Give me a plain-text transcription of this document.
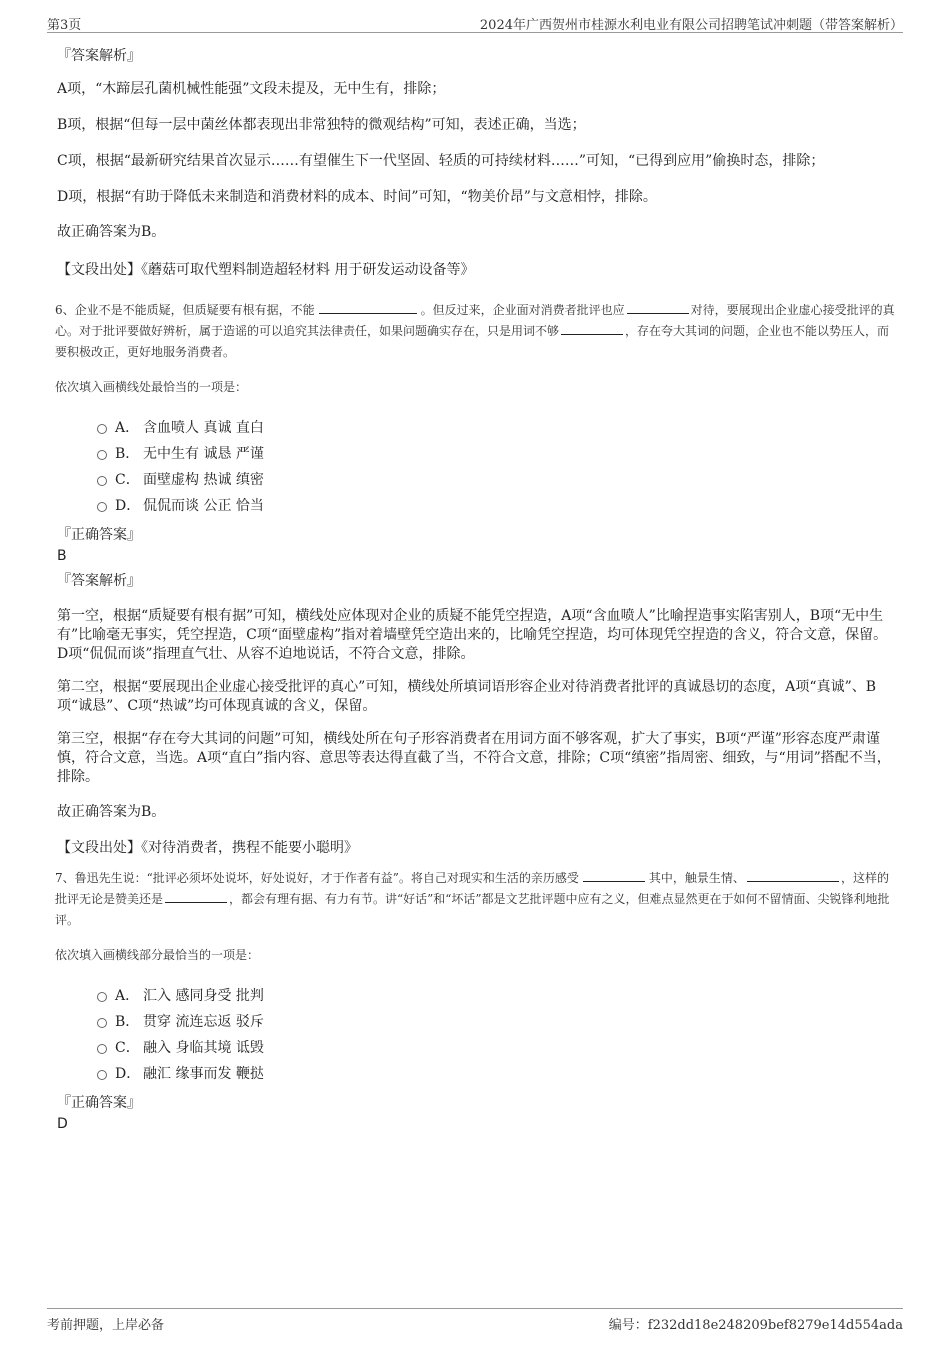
第3页	2024年广西贺州市桂源水利电业有限公司招聘笔试冲刺题（带答案解析）
『答案解析』
A项，“木蹄层孔菌机械性能强”文段未提及，无中生有，排除；
B项，根据“但每一层中菌丝体都表现出非常独特的微观结构”可知，表述正确，当选；
C项，根据“最新研究结果首次显示……有望催生下一代坚固、轻质的可持续材料……”可知，“已得到应用”偷换时态，排除；
D项，根据“有助于降低未来制造和消费材料的成本、时间”可知，“物美价昂”与文意相悖，排除。
故正确答案为B。
【文段出处】《蘑菇可取代塑料制造超轻材料 用于研发运动设备等》
6、企业不是不能质疑，但质疑要有根有据，不能	。但反过来，企业面对消费者批评也应	对待，要展现出企业虚心接受批评的真心。对于批评要做好辨析，属于造谣的可以追究其法律责任，如果问题确实存在，只是用词不够	，存在夸大其词的问题，企业也不能以势压人，而要积极改正，更好地服务消费者。
依次填入画横线处最恰当的一项是：
A． 含血喷人 真诚 直白
B． 无中生有 诚恳 严谨
C． 面壁虚构 热诚 缜密
D． 侃侃而谈 公正 恰当
『正确答案』
B
『答案解析』
第一空，根据“质疑要有根有据”可知，横线处应体现对企业的质疑不能凭空捏造，A项“含血喷人”比喻捏造事实陷害别人，B项“无中生有”比喻毫无事实，凭空捏造，C项“面壁虚构”指对着墙壁凭空造出来的，比喻凭空捏造，均可体现凭空捏造的含义，符合文意，保留。D项“侃侃而谈”指理直气壮、从容不迫地说话，不符合文意，排除。
第二空，根据“要展现出企业虚心接受批评的真心”可知，横线处所填词语形容企业对待消费者批评的真诚恳切的态度，A项“真诚”、B项“诚恳”、C项“热诚”均可体现真诚的含义，保留。
第三空，根据“存在夸大其词的问题”可知，横线处所在句子形容消费者在用词方面不够客观，扩大了事实，B项“严谨”形容态度严肃谨慎，符合文意，当选。A项“直白”指内容、意思等表达得直截了当，不符合文意，排除；C项“缜密”指周密、细致，与“用词”搭配不当，排除。
故正确答案为B。
【文段出处】《对待消费者，携程不能要小聪明》
7、鲁迅先生说：“批评必须坏处说坏，好处说好，才于作者有益”。将自己对现实和生活的亲历感受	其中，触景生情、	，这样的批评无论是赞美还是	，都会有理有据、有力有节。讲“好话”和“坏话”都是文艺批评题中应有之义，但难点显然更在于如何不留情面、尖锐锋利地批评。
依次填入画横线部分最恰当的一项是：
A． 汇入 感同身受 批判
B． 贯穿 流连忘返 驳斥
C． 融入 身临其境 诋毁
D． 融汇 缘事而发 鞭挞
『正确答案』
D
考前押题，上岸必备	编号：f232dd18e248209bef8279e14d554ada
